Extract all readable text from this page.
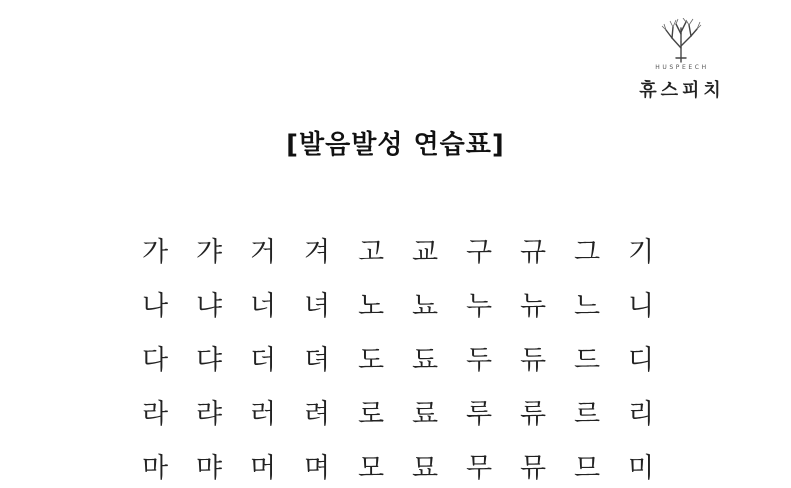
HUSPEECH
휴스피치
[발음발성 연습표]
가	갸	거	겨	고	교	구	규	그	기
나	냐	너	녀	노	뇨	누	뉴	느	니
다	댜	더	뎌	도	됴	두	듀	드	디
라	랴	러	려	로	료	루	류	르	리
마	먀	머	며	모	묘	무	뮤	므	미
